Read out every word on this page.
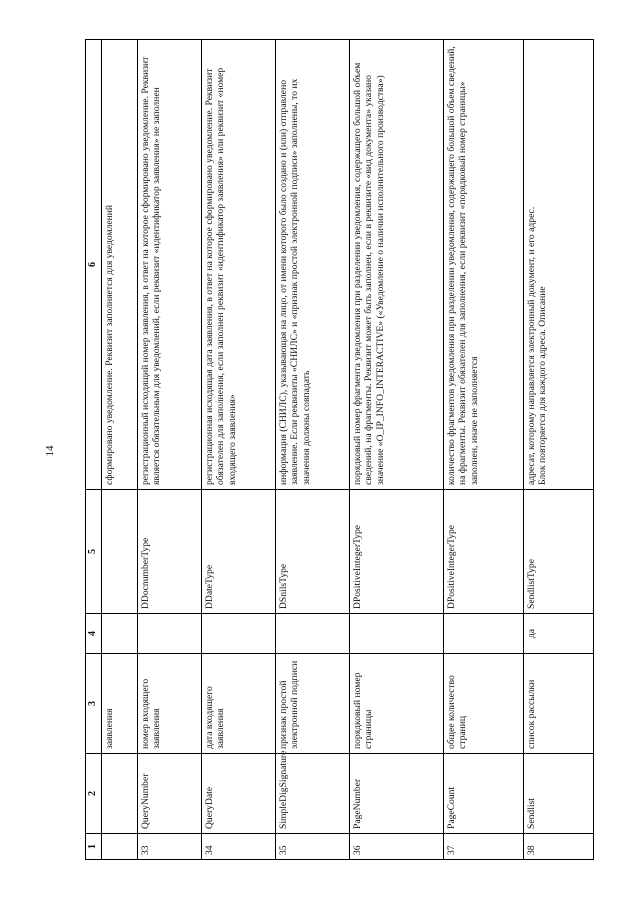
14
1	2	3	4	5	6
		заявления			сформировано уведомление. Реквизит заполняется для уведомлений
33	QueryNumber	номер входящего заявления		DDocnumberType	регистрационный исходящий номер заявления, в ответ на которое сформировано уведомление. Реквизит является обязательным для уведомлений, если реквизит «идентификатор заявления» не заполнен
34	QueryDate	дата входящего заявления		DDateType	регистрационная исходящая дата заявления, в ответ на которое сформировано уведомление. Реквизит обязателен для заполнения, если заполнен реквизит «идентификатор заявления» или реквизит «номер входящего заявления»
35	SimpleDigSignature	признак простой электронной подписи		DSnilsType	информация (СНИЛС), указывающая на лицо, от имени которого было создано и (или) отправлено заявление. Если реквизиты «СНИЛС» и «признак простой электронной подписи» заполнены, то их значения должны совпадать
36	PageNumber	порядковый номер страницы		DPositiveIntegerType	порядковый номер фрагмента уведомления при разделении уведомления, содержащего большой объем сведений, на фрагменты. Реквизит может быть заполнен, если в реквизите «вид документа» указано значение «O_IP_INFO_INTERACTIVE» («Уведомление о наличии исполнительного производства»)
37	PageCount	общее количество страниц		DPositiveIntegerType	количество фрагментов уведомления при разделении уведомления, содержащего большой объем сведений, на фрагменты. Реквизит обязателен для заполнения, если реквизит «порядковый номер страницы» заполнен, иначе не заполняется
38	Sendlist	список рассылки	да	SendlistType	адресат, которому направляется электронный документ, и его адрес.
Блок повторяется для каждого адреса. Описание
